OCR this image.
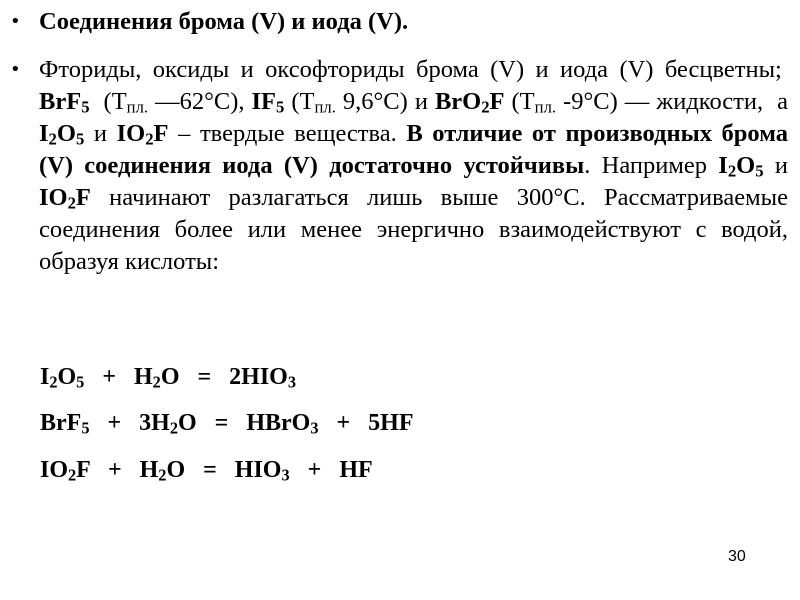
• Соединения брома (V) и иода (V).
• Фториды, оксиды и оксофториды брома (V) и иода (V) бесцветны;  BrF$_5$  ($Т_{пл.}$ —62°С), $IF_5$ ($Т_{пл.}$ 9,6°С) и BrO$_2$F ($Т_{пл.}$ -9°С) — жидкости,  а $I_2O_5$ и $IO_2F$ – твердые вещества. В отличие от производных брома (V) соединения иода (V) достаточно устойчивы. Например $I_2O_5$ и $IO_2F$ начинают разлагаться лишь выше 300°С. Рассматриваемые соединения более или менее энергично взаимодействуют с водой, образуя кислоты:
$I_2O_5 + H_2O = 2HIO_3$
$BrF_5 + 3H_2O$   =   HBrO$_3$   +   5HF
$IO_2F + H_2O = HIO_3$   +   HF
30
